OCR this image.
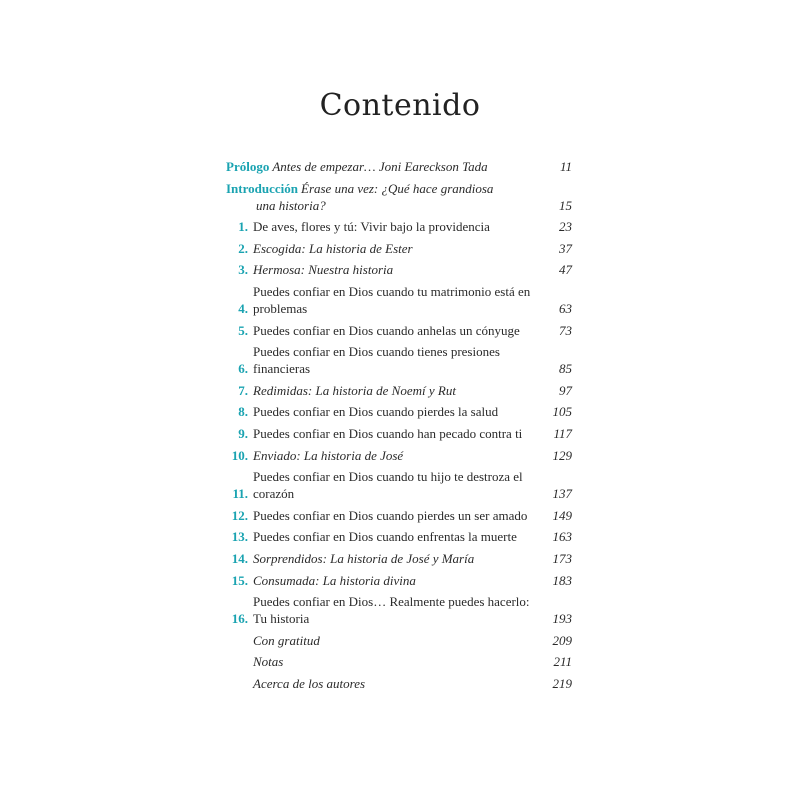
Contenido
Prólogo Antes de empezar… Joni Eareckson Tada	11
Introducción Érase una vez: ¿Qué hace grandiosa
una historia?	15
1. De aves, flores y tú: Vivir bajo la providencia	23
2. Escogida: La historia de Ester	37
3. Hermosa: Nuestra historia	47
4.
Puedes confiar en Dios cuando tu matrimonio está en problemas	63
5. Puedes confiar en Dios cuando anhelas un cónyuge	73
6.
Puedes confiar en Dios cuando tienes presiones financieras	85
7. Redimidas: La historia de Noemí y Rut	97
8. Puedes confiar en Dios cuando pierdes la salud	105
9. Puedes confiar en Dios cuando han pecado contra ti	117
10. Enviado: La historia de José	129
11.
Puedes confiar en Dios cuando tu hijo te destroza el corazón	137
12. Puedes confiar en Dios cuando pierdes un ser amado	149
13. Puedes confiar en Dios cuando enfrentas la muerte	163
14. Sorprendidos: La historia de José y María	173
15. Consumada: La historia divina	183
16.
Puedes confiar en Dios… Realmente puedes hacerlo: Tu historia	193
Con gratitud	209
Notas	211
Acerca de los autores	219
